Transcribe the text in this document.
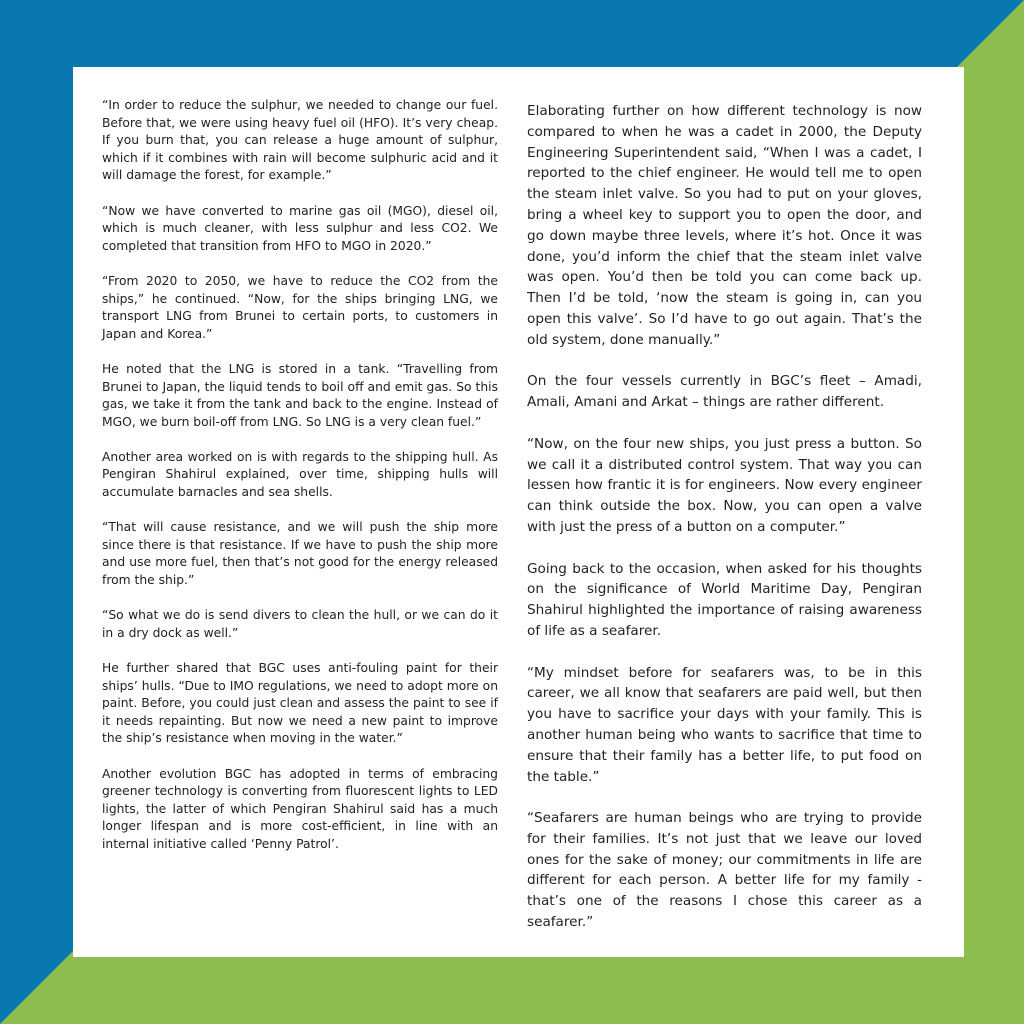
“In order to reduce the sulphur, we needed to change our fuel. Before that, we were using heavy fuel oil (HFO). It’s very cheap. If you burn that, you can release a huge amount of sulphur, which if it combines with rain will become sulphuric acid and it will damage the forest, for example.”

“Now we have converted to marine gas oil (MGO), diesel oil, which is much cleaner, with less sulphur and less CO2. We completed that transition from HFO to MGO in 2020.”

“From 2020 to 2050, we have to reduce the CO2 from the ships,” he continued. “Now, for the ships bringing LNG, we transport LNG from Brunei to certain ports, to customers in Japan and Korea.”

He noted that the LNG is stored in a tank. “Travelling from Brunei to Japan, the liquid tends to boil off and emit gas. So this gas, we take it from the tank and back to the engine. Instead of MGO, we burn boil-off from LNG. So LNG is a very clean fuel.”

Another area worked on is with regards to the shipping hull. As Pengiran Shahirul explained, over time, shipping hulls will accumulate barnacles and sea shells.

“That will cause resistance, and we will push the ship more since there is that resistance. If we have to push the ship more and use more fuel, then that’s not good for the energy released from the ship.”

“So what we do is send divers to clean the hull, or we can do it in a dry dock as well.”

He further shared that BGC uses anti-fouling paint for their ships’ hulls. “Due to IMO regulations, we need to adopt more on paint. Before, you could just clean and assess the paint to see if it needs repainting. But now we need a new paint to improve the ship’s resistance when moving in the water.”

Another evolution BGC has adopted in terms of embracing greener technology is converting from fluorescent lights to LED lights, the latter of which Pengiran Shahirul said has a much longer lifespan and is more cost-efficient, in line with an internal initiative called ‘Penny Patrol’.

Elaborating further on how different technology is now compared to when he was a cadet in 2000, the Deputy Engineering Superintendent said, “When I was a cadet, I reported to the chief engineer. He would tell me to open the steam inlet valve. So you had to put on your gloves, bring a wheel key to support you to open the door, and go down maybe three levels, where it’s hot. Once it was done, you’d inform the chief that the steam inlet valve was open. You’d then be told you can come back up. Then I’d be told, ‘now the steam is going in, can you open this valve’. So I’d have to go out again. That’s the old system, done manually.”

On the four vessels currently in BGC’s fleet – Amadi, Amali, Amani and Arkat – things are rather different.

“Now, on the four new ships, you just press a button. So we call it a distributed control system. That way you can lessen how frantic it is for engineers. Now every engineer can think outside the box. Now, you can open a valve with just the press of a button on a computer.”

Going back to the occasion, when asked for his thoughts on the significance of World Maritime Day, Pengiran Shahirul highlighted the importance of raising awareness of life as a seafarer.

“My mindset before for seafarers was, to be in this career, we all know that seafarers are paid well, but then you have to sacrifice your days with your family. This is another human being who wants to sacrifice that time to ensure that their family has a better life, to put food on the table.”

“Seafarers are human beings who are trying to provide for their families. It’s not just that we leave our loved ones for the sake of money; our commitments in life are different for each person. A better life for my family - that’s one of the reasons I chose this career as a seafarer.”
